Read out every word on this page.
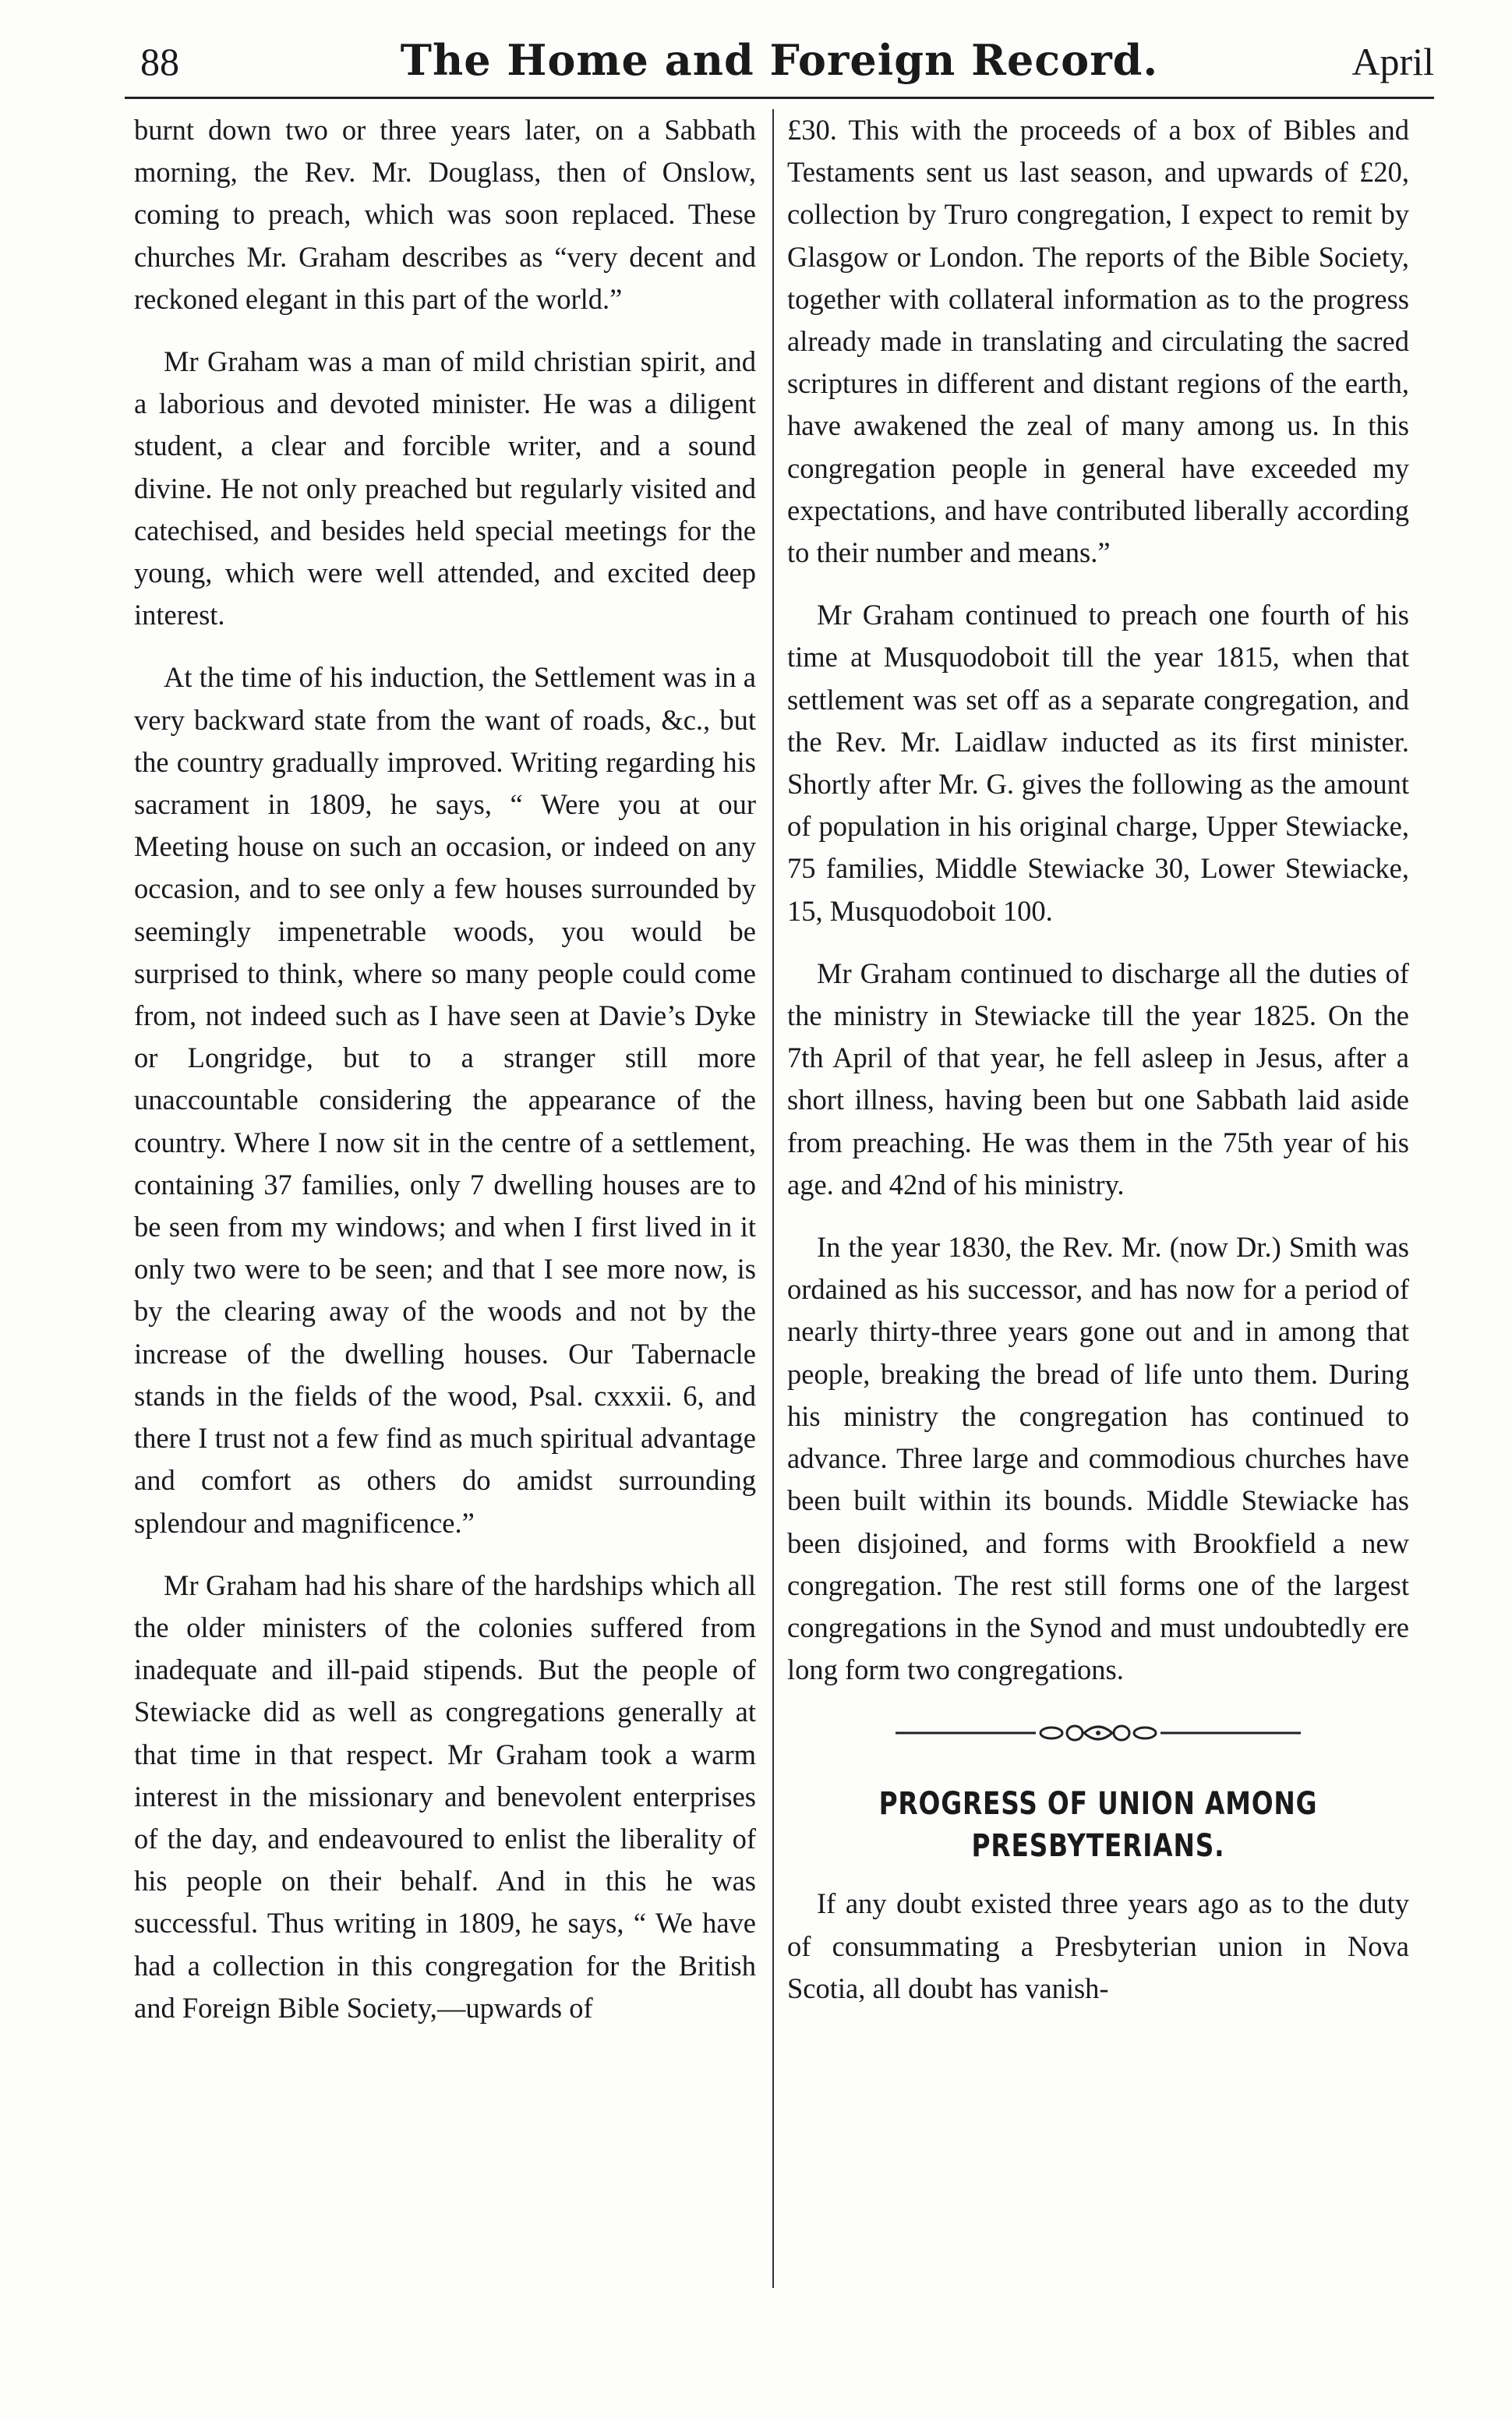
88	The Home and Foreign Record.	April

burnt down two or three years later, on a Sabbath morning, the Rev. Mr. Douglass, then of Onslow, coming to preach, which was soon replaced. These churches Mr. Graham describes as “very decent and reckoned elegant in this part of the world.”

Mr Graham was a man of mild christian spirit, and a laborious and devoted minister. He was a diligent student, a clear and forcible writer, and a sound divine. He not only preached but regularly visited and catechised, and besides held special meetings for the young, which were well attended, and excited deep interest.

At the time of his induction, the Settlement was in a very backward state from the want of roads, &c., but the country gradually improved. Writing regarding his sacrament in 1809, he says, “ Were you at our Meeting house on such an occasion, or indeed on any occasion, and to see only a few houses surrounded by seemingly impenetrable woods, you would be surprised to think, where so many people could come from, not indeed such as I have seen at Davie’s Dyke or Longridge, but to a stranger still more unaccountable considering the appearance of the country. Where I now sit in the centre of a settlement, containing 37 families, only 7 dwelling houses are to be seen from my windows; and when I first lived in it only two were to be seen; and that I see more now, is by the clearing away of the woods and not by the increase of the dwelling houses. Our Tabernacle stands in the fields of the wood, Psal. cxxxii. 6, and there I trust not a few find as much spiritual advantage and comfort as others do amidst surrounding splendour and magnificence.”

Mr Graham had his share of the hardships which all the older ministers of the colonies suffered from inadequate and ill-paid stipends. But the people of Stewiacke did as well as congregations generally at that time in that respect. Mr Graham took a warm interest in the missionary and benevolent enterprises of the day, and endeavoured to enlist the liberality of his people on their behalf. And in this he was successful. Thus writing in 1809, he says, “ We have had a collection in this congregation for the British and Foreign Bible Society,—upwards of

£30. This with the proceeds of a box of Bibles and Testaments sent us last season, and upwards of £20, collection by Truro congregation, I expect to remit by Glasgow or London. The reports of the Bible Society, together with collateral information as to the progress already made in translating and circulating the sacred scriptures in different and distant regions of the earth, have awakened the zeal of many among us. In this congregation people in general have exceeded my expectations, and have contributed liberally according to their number and means.”

Mr Graham continued to preach one fourth of his time at Musquodoboit till the year 1815, when that settlement was set off as a separate congregation, and the Rev. Mr. Laidlaw inducted as its first minister. Shortly after Mr. G. gives the following as the amount of population in his original charge, Upper Stewiacke, 75 families, Middle Stewiacke 30, Lower Stewiacke, 15, Musquodoboit 100.

Mr Graham continued to discharge all the duties of the ministry in Stewiacke till the year 1825. On the 7th April of that year, he fell asleep in Jesus, after a short illness, having been but one Sabbath laid aside from preaching. He was them in the 75th year of his age. and 42nd of his ministry.

In the year 1830, the Rev. Mr. (now Dr.) Smith was ordained as his successor, and has now for a period of nearly thirty-three years gone out and in among that people, breaking the bread of life unto them. During his ministry the congregation has continued to advance. Three large and commodious churches have been built within its bounds. Middle Stewiacke has been disjoined, and forms with Brookfield a new congregation. The rest still forms one of the largest congregations in the Synod and must undoubtedly ere long form two congregations.

PROGRESS OF UNION AMONG PRESBYTERIANS.

If any doubt existed three years ago as to the duty of consummating a Presbyterian union in Nova Scotia, all doubt has vanish-
